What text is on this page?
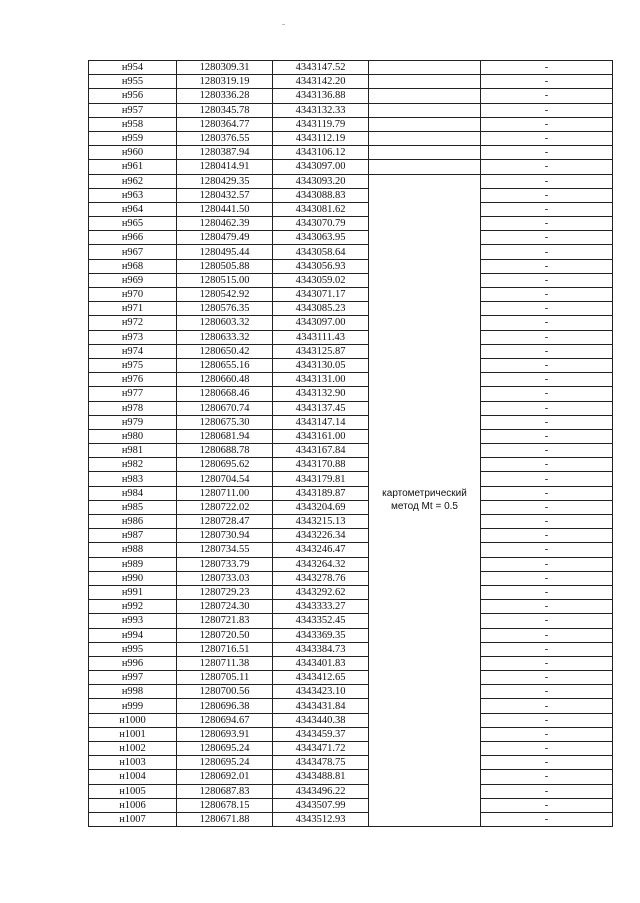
н954	1280309.31	4343147.52		-
н955	1280319.19	4343142.20		-
н956	1280336.28	4343136.88		-
н957	1280345.78	4343132.33		-
н958	1280364.77	4343119.79		-
н959	1280376.55	4343112.19		-
н960	1280387.94	4343106.12		-
н961	1280414.91	4343097.00		-
н962	1280429.35	4343093.20	картометрический метод Mt = 0.5	-
н963	1280432.57	4343088.83		-
н964	1280441.50	4343081.62		-
н965	1280462.39	4343070.79		-
н966	1280479.49	4343063.95		-
н967	1280495.44	4343058.64		-
н968	1280505.88	4343056.93		-
н969	1280515.00	4343059.02		-
н970	1280542.92	4343071.17		-
н971	1280576.35	4343085.23		-
н972	1280603.32	4343097.00		-
н973	1280633.32	4343111.43		-
н974	1280650.42	4343125.87		-
н975	1280655.16	4343130.05		-
н976	1280660.48	4343131.00		-
н977	1280668.46	4343132.90		-
н978	1280670.74	4343137.45		-
н979	1280675.30	4343147.14		-
н980	1280681.94	4343161.00		-
н981	1280688.78	4343167.84		-
н982	1280695.62	4343170.88		-
н983	1280704.54	4343179.81		-
н984	1280711.00	4343189.87		-
н985	1280722.02	4343204.69		-
н986	1280728.47	4343215.13		-
н987	1280730.94	4343226.34		-
н988	1280734.55	4343246.47		-
н989	1280733.79	4343264.32		-
н990	1280733.03	4343278.76		-
н991	1280729.23	4343292.62		-
н992	1280724.30	4343333.27		-
н993	1280721.83	4343352.45		-
н994	1280720.50	4343369.35		-
н995	1280716.51	4343384.73		-
н996	1280711.38	4343401.83		-
н997	1280705.11	4343412.65		-
н998	1280700.56	4343423.10		-
н999	1280696.38	4343431.84		-
н1000	1280694.67	4343440.38		-
н1001	1280693.91	4343459.37		-
н1002	1280695.24	4343471.72		-
н1003	1280695.24	4343478.75		-
н1004	1280692.01	4343488.81		-
н1005	1280687.83	4343496.22		-
н1006	1280678.15	4343507.99		-
н1007	1280671.88	4343512.93		-
